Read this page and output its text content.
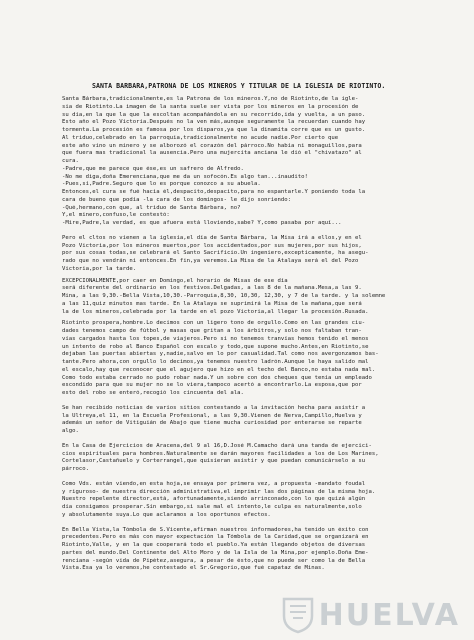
SANTA BARBARA,PATRONA DE LOS MINEROS Y TITULAR DE LA IGLESIA DE RIOTINTO.
Santa Bárbara,tradicionalmente,es la Patrona de los mineros.Y,no de Riotinto,de la igle-
sia de Riotinto.La imagen de la santa suele ser vista por los mineros en la procesión de
su día,en la que la que la escoltan acompañándola en su recorrido,ida y vuelta, a un paso.
Esto año el Pozo Victoria.Después no la ven más,aunque seguramente la recuerdan cuando hay
tormenta.La procesión es famosa por los disparos,ya que la dinamita corre que es un gusto.
Al triduo,celebrado en la parroquia,tradicionalmente no acude nadie.Por cierto que
este año vino un minero y se alborozó el corazón del párroco.No había ni monaguillos,para
que fuera mas tradicional la ausencia.Pero una mujercita anciana le dió el "chivatazo" al
cura.
-Padre,que me parece que ése,es un safrero de Alfredo.
-No me diga,doña Emerenciana,que me da un sofocón.Es algo tan...inaudito!
-Pues,sí,Padre.Seguro que lo es porque conozco a su abuela.
Entonces,el cura se fué hacia él,despacito,despacito,para no espantarle.Y poniendo toda la
cara de bueno que podía -la cara de los domingos- le dijo sonriendo:
-Qué,hermano,con que, al triduo de Santa Bárbara, no?
Y,el minero,confuso,le contestó:
-Mire,Padre,la verdad, es que afuera está lloviendo,sabe? Y,como pasaba por aquí...
Pero el cltos no vienen a la iglesia,el día de Santa Bárbara, la Misa irá a ellos,y en el
Pozo Victoria,por los mineros muertos,por los accidentados,por sus mujeres,por sus hijos,
por sus cosas todas,se celebrará el Santo Sacrificio.Un ingeniero,excepticamente, ha asegu-
rado que no vendrán ni entonces.En fin,ya veremos.La Misa de la Atalaya será el del Pozo
Victoria,por la tarde.
EXCEPCIONALMENTE,por caer en Domingo,el horario de Misas de ese día
será diferente del ordinario en los festivos.Delgadas, a las 8 de la mañana.Mesa,a las 9.
Mina, a las 9,30.-Bella Vista,10,30.-Parroquia,8,30, 10,30, 12,30, y 7 de la tarde. y la solemne
a las 11,quiz minutos mas tarde. En la Atalaya se suprimirá la Misa de la mañana,que será
la de los mineros,celebrada por la tarde en el pozo Victoria,al llegar la procesión.Rusada.
Riotinto prospera,hombre.Lo decimos con un ligero tono de orgullo.Como en las grandes ciu-
dades tenemos campo de fútbol y masas que gritan a los árbitros,y solo nos faltaban tran-
vías cargados hasta los topes,de viajeros.Pero si no tenemos tranvías hemos tenido el menos
un intento de robo al Banco Español con escalo y todo,que supone mucho.Antes,en Riotinto,se
dejaban las puertas abiertas y,nadie,salvo en lo por casualidad.Tal como nos avergonzamos bas-
tante.Pero ahora,con orgullo lo decimos,ya tenemos nuestro ladrón.Aunque le haya salido mal
el escalo,hay que reconocer que el agujero que hizo en el techo del Banco,no estaba nada mal.
Como todo estaba cerrado no pudo robar nada.Y un sobre con dos cheques que tenía un empleado
escondido para que su mujer no se lo viera,tampoco acertó a encontrarlo.La esposa,que por
esto del robo se enteró,recogió los cincuenta del ala.
Se han recibido noticias de varios sitios contestando a la invitación hecha para asistir a
la Ultreya,el 11, en la Escuela Profesional, a las 9,30.Vienen de Nerva,Campillo,Huelva y
además un señor de Vitiguián de Abajo que tiene mucha curiosidad por enterarse se reparte
algo.
En la Casa de Ejercicios de Aracena,del 9 al 16,D.José M.Camacho dará una tanda de ejercici-
cios espirituales para hombres.Naturalmente se darán mayores facilidades a los de Los Marines,
Cortelasor,Castañuelo y Corterrangel,que quisieran asistir y que puedan comunicárselo a su
párroco.
Como Vds. están viendo,en esta hoja,se ensaya por primera vez, a propuesta -mandato foudal
y riguroso- de nuestra dirección administrativa,el imprimir las dos páginas de la misma hoja.
Nuestro repelente director,está, afortunadamente,siendo arrinconado,con lo que quizá algún
día consigamos prosperar.Sin embargo,si sale mal el intento,le culpa es naturalmente,solo
y absolutamente suya.Lo que aclaramos a los oportunos efectos.
En Bella Vista,la Tómbola de S.Vicente,afirman nuestros informadores,ha tenido un éxito con
precedentes.Pero es más con mayor expectación la Tómbola de la Caridad,que se organizará en
Riotinto,Valle, y en la que cooperará todo el pueblo.Ya están llegando objetos de diversas
partes del mundo.Del Continente del Alto Moro y de la Isla de la Mina,por ejemplo.Doña Eme-
renciana -según vida de Pipétez,asegura, a pesar de ésto,que no puede ser como la de Bella
Vista.Esa ya lo veremos,he contestado el Sr.Gregorio,que fué capataz de Minas.
HUELVA
